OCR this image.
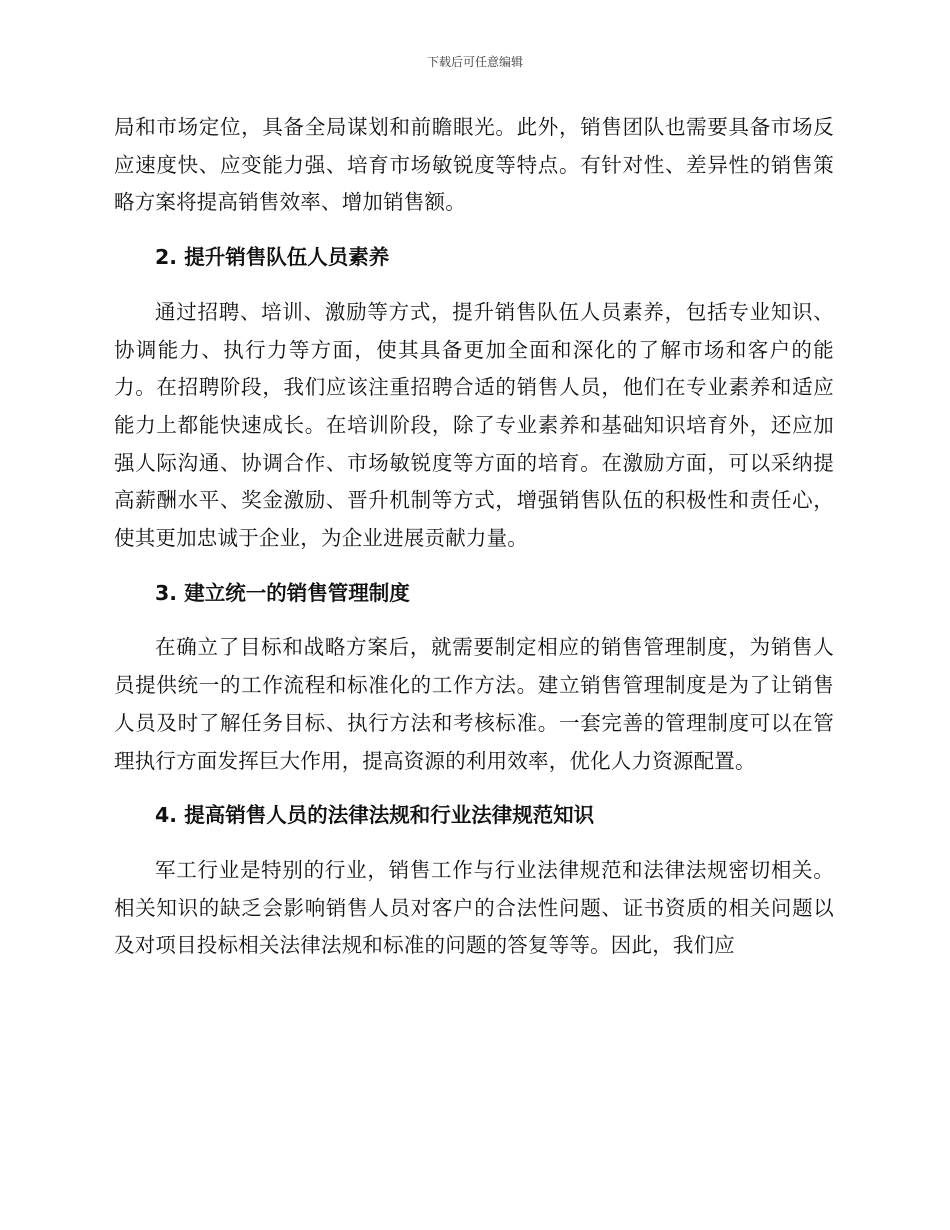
下载后可任意编辑

局和市场定位，具备全局谋划和前瞻眼光。此外，销售团队也需要具备市场反应速度快、应变能力强、培育市场敏锐度等特点。有针对性、差异性的销售策略方案将提高销售效率、增加销售额。

2. 提升销售队伍人员素养

通过招聘、培训、激励等方式，提升销售队伍人员素养，包括专业知识、协调能力、执行力等方面，使其具备更加全面和深化的了解市场和客户的能力。在招聘阶段，我们应该注重招聘合适的销售人员，他们在专业素养和适应能力上都能快速成长。在培训阶段，除了专业素养和基础知识培育外，还应加强人际沟通、协调合作、市场敏锐度等方面的培育。在激励方面，可以采纳提高薪酬水平、奖金激励、晋升机制等方式，增强销售队伍的积极性和责任心，使其更加忠诚于企业，为企业进展贡献力量。

3. 建立统一的销售管理制度

在确立了目标和战略方案后，就需要制定相应的销售管理制度，为销售人员提供统一的工作流程和标准化的工作方法。建立销售管理制度是为了让销售人员及时了解任务目标、执行方法和考核标准。一套完善的管理制度可以在管理执行方面发挥巨大作用，提高资源的利用效率，优化人力资源配置。

4. 提高销售人员的法律法规和行业法律规范知识

军工行业是特别的行业，销售工作与行业法律规范和法律法规密切相关。相关知识的缺乏会影响销售人员对客户的合法性问题、证书资质的相关问题以及对项目投标相关法律法规和标准的问题的答复等等。因此，我们应
